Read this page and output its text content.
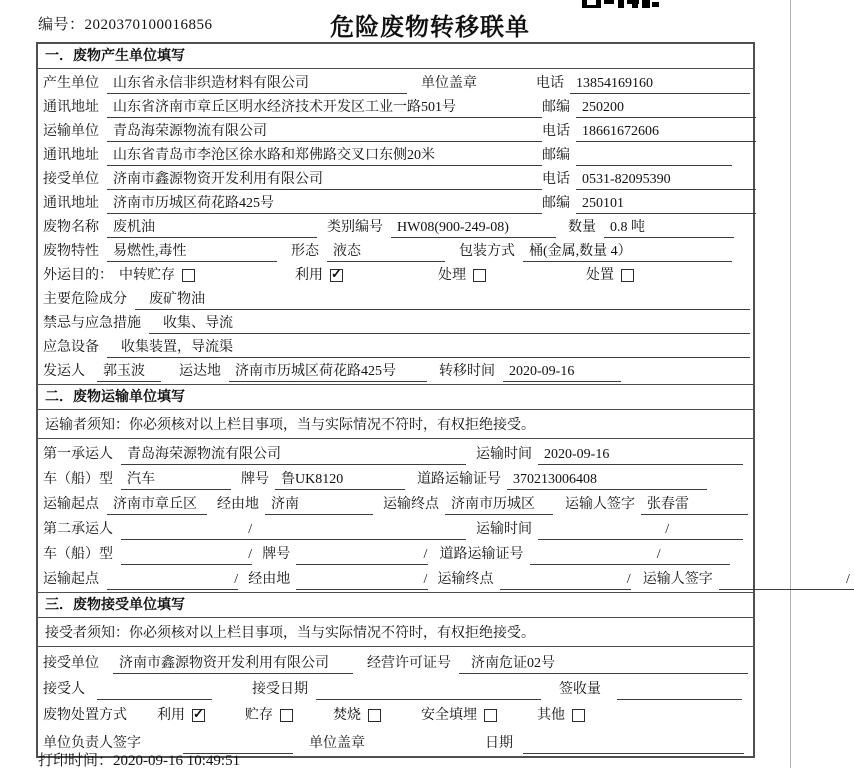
编号：2020370100016856	危险废物转移联单
一．废物产生单位填写
产生单位	山东省永信非织造材料有限公司	单位盖章	电话 13854169160
通讯地址	山东省济南市章丘区明水经济技术开发区工业一路501号	邮编 250200
运输单位	青岛海荣源物流有限公司	电话 18661672606
通讯地址	山东省青岛市李沧区徐水路和郑佛路交叉口东侧20米	邮编
接受单位	济南市鑫源物资开发利用有限公司	电话 0531-82095390
通讯地址	济南市历城区荷花路425号	邮编 250101
废物名称	废机油	类别编号	HW08(900-249-08)	数量	0.8 吨
废物特性	易燃性,毒性	形态	液态	包装方式	桶(金属,数量 4）
外运目的： 中转贮存	利用 ✓	处理	处置
主要危险成分	废矿物油
禁忌与应急措施	收集、导流
应急设备	收集装置，导流渠
发运人	郭玉波	运达地	济南市历城区荷花路425号	转移时间	2020-09-16
二．废物运输单位填写
运输者须知： 你必须核对以上栏目事项，当与实际情况不符时，有权拒绝接受。
第一承运人	青岛海荣源物流有限公司	运输时间 2020-09-16
车（船）型	汽车	牌号 鲁UK8120	道路运输证号 370213006408
运输起点	济南市章丘区	经由地 济南	运输终点 济南市历城区	运输人签字 张春雷
第二承运人	/	运输时间	/
车（船）型	/ 牌号	/ 道路运输证号	/
运输起点	/ 经由地	/ 运输终点	/ 运输人签字	/
三．废物接受单位填写
接受者须知： 你必须核对以上栏目事项，当与实际情况不符时，有权拒绝接受。
接受单位	济南市鑫源物资开发利用有限公司	经营许可证号	济南危证02号
接受人	接受日期	签收量
废物处置方式 利用 ✓	贮存	焚烧	安全填埋	其他
单位负责人签字	单位盖章	日期
打印时间：2020-09-16 10:49:51
